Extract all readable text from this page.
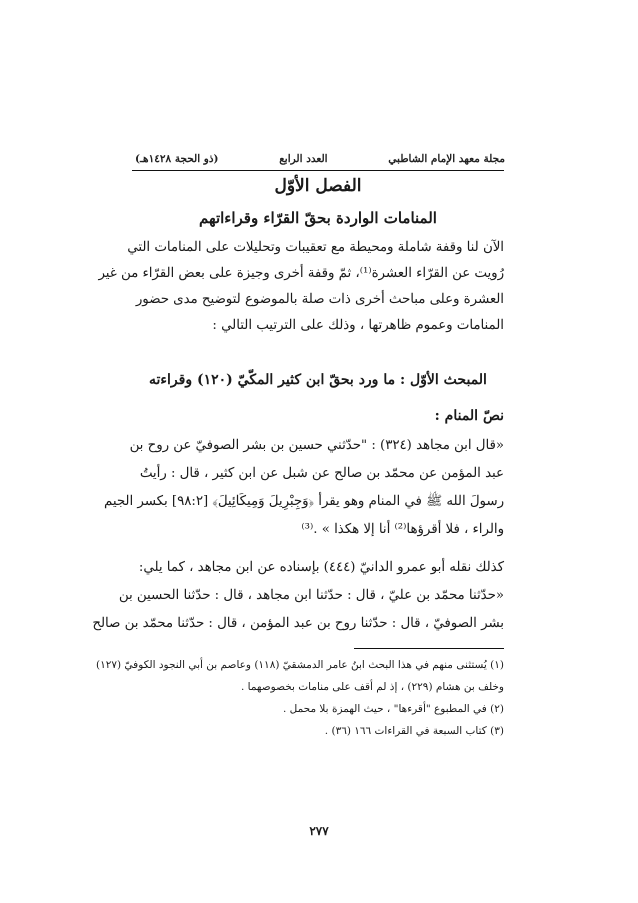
مجلة معهد الإمام الشاطبي
العدد الرابع
(ذو الحجة ١٤٢٨هـ)
الفصل الأوّل
المنامات الواردة بحقّ القرّاء وقراءاتهم
الآن لنا وقفة شاملة ومحيطة مع تعقيبات وتحليلات على المنامات التي
رُويت عن القرّاء العشرة⁽¹⁾، ثمّ وقفة أخرى وجيزة على بعض القرّاء من غير
العشرة وعلى مباحث أخرى ذات صلة بالموضوع لتوضيح مدى حضور
المنامات وعموم ظاهرتها ، وذلك على الترتيب التالي :
المبحث الأوّل : ما ورد بحقّ ابن كثير المكّيّ (١٢٠) وقراءته
نصّ المنام :
«قال ابن مجاهد (٣٢٤) : "حدّثني حسين بن بشر الصوفيّ عن روح بن
عبد المؤمن عن محمّد بن صالح عن شبل عن ابن كثير ، قال : رأيتُ
رسولَ الله ﷺ في المنام وهو يقرأ ﴿وَجِبْرِيلَ وَمِيكَائِيلَ﴾ [٩٨:٢] بكسر الجيم
والراء ، فلا أقرؤها⁽²⁾ أنا إلا هكذا » .⁽³⁾
كذلك نقله أبو عمرو الدانيّ (٤٤٤) بإسناده عن ابن مجاهد ، كما يلي:
«حدّثنا محمّد بن عليّ ، قال : حدّثنا ابن مجاهد ، قال : حدّثنا الحسين بن
بشر الصوفيّ ، قال : حدّثنا روح بن عبد المؤمن ، قال : حدّثنا محمّد بن صالح
(١) يُستثنى منهم في هذا البحث ابنُ عامر الدمشقيّ (١١٨) وعاصم بن أبي النجود الكوفيّ (١٢٧)
وخلف بن هشام (٢٢٩) ، إذ لم أقف على منامات بخصوصهما .
(٢) في المطبوع "أقرءها" ، حيث الهمزة بلا محمل .
(٣) كتاب السبعة في القراءات ١٦٦ (٣٦) .
٢٧٧
